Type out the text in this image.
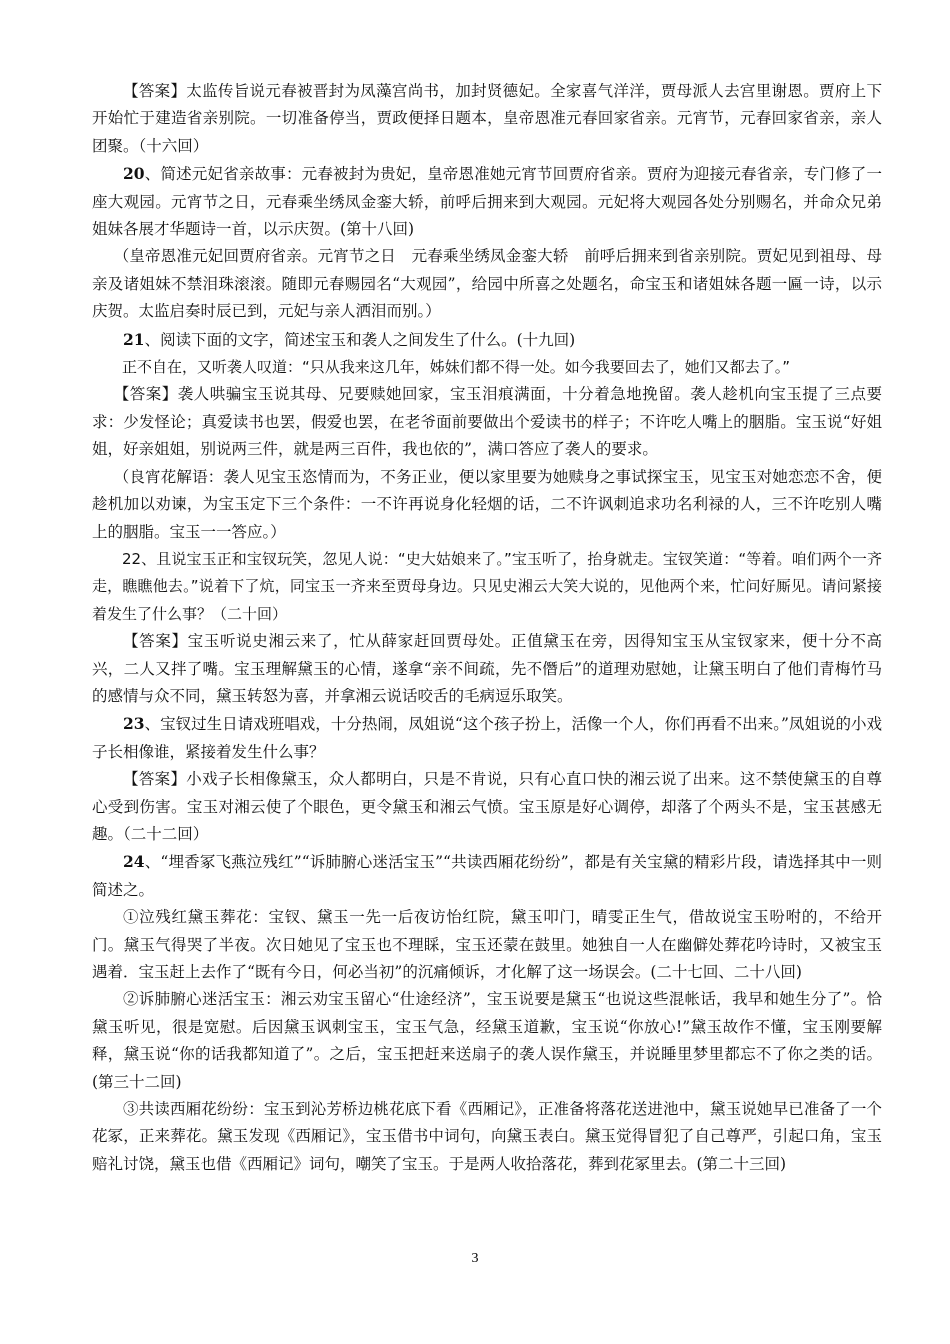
【答案】太监传旨说元春被晋封为凤藻宫尚书，加封贤德妃。全家喜气洋洋，贾母派人去宫里谢恩。贾府上下开始忙于建造省亲别院。一切准备停当，贾政便择日题本，皇帝恩准元春回家省亲。元宵节，元春回家省亲，亲人团聚。（十六回）

20、简述元妃省亲故事：元春被封为贵妃，皇帝恩准她元宵节回贾府省亲。贾府为迎接元春省亲，专门修了一座大观园。元宵节之日，元春乘坐绣凤金銮大轿，前呼后拥来到大观园。元妃将大观园各处分别赐名，并命众兄弟姐妹各展才华题诗一首，以示庆贺。(第十八回)

（皇帝恩准元妃回贾府省亲。元宵节之日　元春乘坐绣凤金銮大轿　前呼后拥来到省亲别院。贾妃见到祖母、母亲及诸姐妹不禁泪珠滚滚。随即元春赐园名“大观园”，给园中所喜之处题名，命宝玉和诸姐妹各题一匾一诗，以示庆贺。太监启奏时辰已到，元妃与亲人洒泪而别。）

21、阅读下面的文字，简述宝玉和袭人之间发生了什么。(十九回)

正不自在，又听袭人叹道：“只从我来这几年，姊妹们都不得一处。如今我要回去了，她们又都去了。”

【答案】袭人哄骗宝玉说其母、兄要赎她回家，宝玉泪痕满面，十分着急地挽留。袭人趁机向宝玉提了三点要求：少发怪论；真爱读书也罢，假爱也罢，在老爷面前要做出个爱读书的样子；不许吃人嘴上的胭脂。宝玉说“好姐姐，好亲姐姐，别说两三件，就是两三百件，我也依的”，满口答应了袭人的要求。

（良宵花解语：袭人见宝玉恣情而为，不务正业，便以家里要为她赎身之事试探宝玉，见宝玉对她恋恋不舍，便趁机加以劝谏，为宝玉定下三个条件：一不许再说身化轻烟的话，二不许讽刺追求功名利禄的人，三不许吃别人嘴上的胭脂。宝玉一一答应。）

22、且说宝玉正和宝钗玩笑，忽见人说：“史大姑娘来了。”宝玉听了，抬身就走。宝钗笑道：“等着。咱们两个一齐走，瞧瞧他去。”说着下了炕，同宝玉一齐来至贾母身边。只见史湘云大笑大说的，见他两个来，忙问好厮见。请问紧接着发生了什么事？（二十回）

【答案】宝玉听说史湘云来了，忙从薛家赶回贾母处。正值黛玉在旁，因得知宝玉从宝钗家来，便十分不高兴，二人又拌了嘴。宝玉理解黛玉的心情，遂拿“亲不间疏，先不僭后”的道理劝慰她，让黛玉明白了他们青梅竹马的感情与众不同，黛玉转怒为喜，并拿湘云说话咬舌的毛病逗乐取笑。

23、宝钗过生日请戏班唱戏，十分热闹，凤姐说“这个孩子扮上，活像一个人，你们再看不出来。”凤姐说的小戏子长相像谁，紧接着发生什么事？

【答案】小戏子长相像黛玉，众人都明白，只是不肯说，只有心直口快的湘云说了出来。这不禁使黛玉的自尊心受到伤害。宝玉对湘云使了个眼色，更令黛玉和湘云气愤。宝玉原是好心调停，却落了个两头不是，宝玉甚感无趣。（二十二回）

24、“埋香冢飞燕泣残红”“诉肺腑心迷活宝玉”“共读西厢花纷纷”，都是有关宝黛的精彩片段，请选择其中一则简述之。

①泣残红黛玉葬花：宝钗、黛玉一先一后夜访怡红院，黛玉叩门，晴雯正生气，借故说宝玉吩咐的，不给开门。黛玉气得哭了半夜。次日她见了宝玉也不理睬，宝玉还蒙在鼓里。她独自一人在幽僻处葬花吟诗时，又被宝玉遇着．宝玉赶上去作了“既有今日，何必当初”的沉痛倾诉，才化解了这一场误会。(二十七回、二十八回)

②诉肺腑心迷活宝玉：湘云劝宝玉留心“仕途经济”，宝玉说要是黛玉“也说这些混帐话，我早和她生分了”。恰黛玉听见，很是宽慰。后因黛玉讽刺宝玉，宝玉气急，经黛玉道歉，宝玉说“你放心!”黛玉故作不懂，宝玉刚要解释，黛玉说“你的话我都知道了”。之后，宝玉把赶来送扇子的袭人误作黛玉，并说睡里梦里都忘不了你之类的话。(第三十二回)

③共读西厢花纷纷：宝玉到沁芳桥边桃花底下看《西厢记》，正准备将落花送进池中，黛玉说她早已准备了一个花冢，正来葬花。黛玉发现《西厢记》，宝玉借书中词句，向黛玉表白。黛玉觉得冒犯了自己尊严，引起口角，宝玉赔礼讨饶，黛玉也借《西厢记》词句，嘲笑了宝玉。于是两人收拾落花，葬到花冢里去。(第二十三回)

3
